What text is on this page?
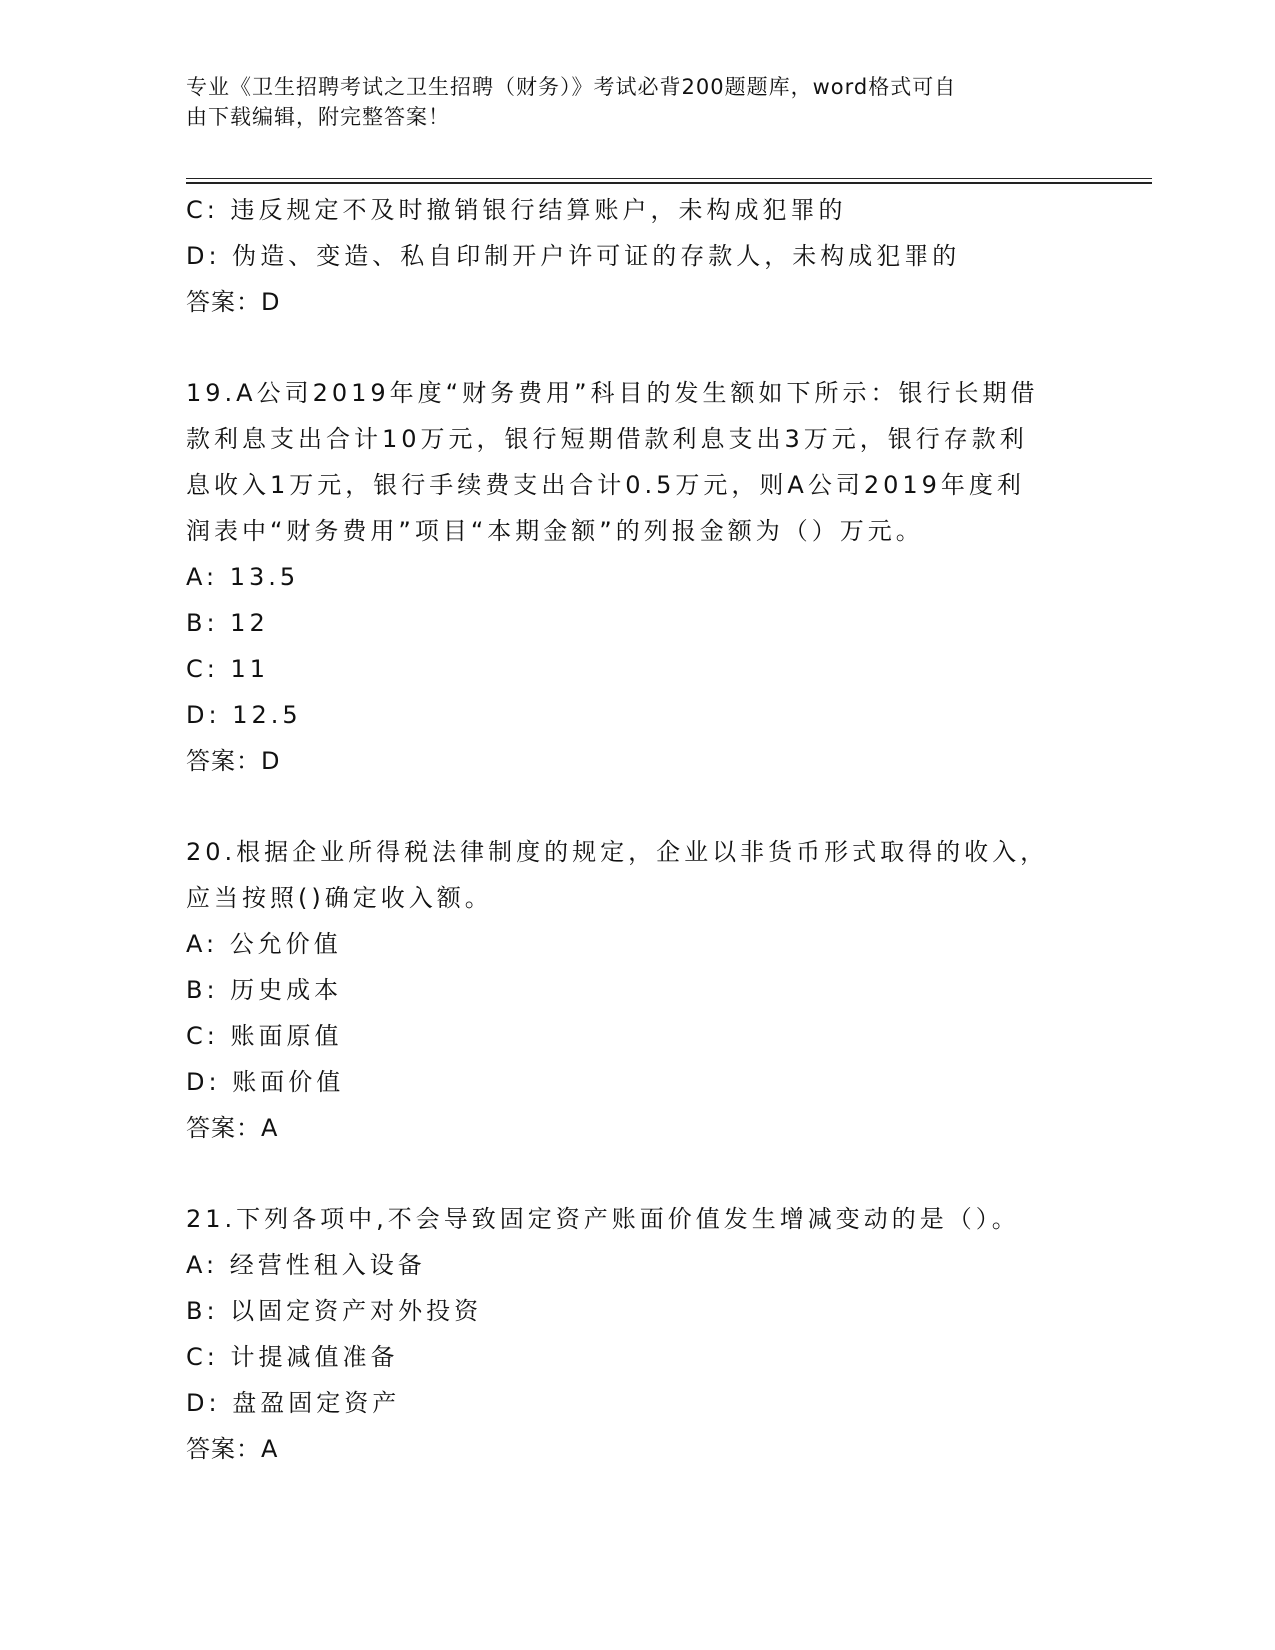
专业《卫生招聘考试之卫生招聘（财务）》考试必背200题题库，word格式可自
由下载编辑，附完整答案！
C: 违反规定不及时撤销银行结算账户，未构成犯罪的
D: 伪造、变造、私自印制开户许可证的存款人，未构成犯罪的
答案：D
19.A公司2019年度“财务费用”科目的发生额如下所示：银行长期借
款利息支出合计10万元，银行短期借款利息支出3万元，银行存款利
息收入1万元，银行手续费支出合计0.5万元，则A公司2019年度利
润表中“财务费用”项目“本期金额”的列报金额为（）万元。
A: 13.5
B: 12
C: 11
D: 12.5
答案：D
20.根据企业所得税法律制度的规定，企业以非货币形式取得的收入，
应当按照()确定收入额。
A: 公允价值
B: 历史成本
C: 账面原值
D: 账面价值
答案：A
21.下列各项中,不会导致固定资产账面价值发生增减变动的是（）。
A: 经营性租入设备
B: 以固定资产对外投资
C: 计提减值准备
D: 盘盈固定资产
答案：A
